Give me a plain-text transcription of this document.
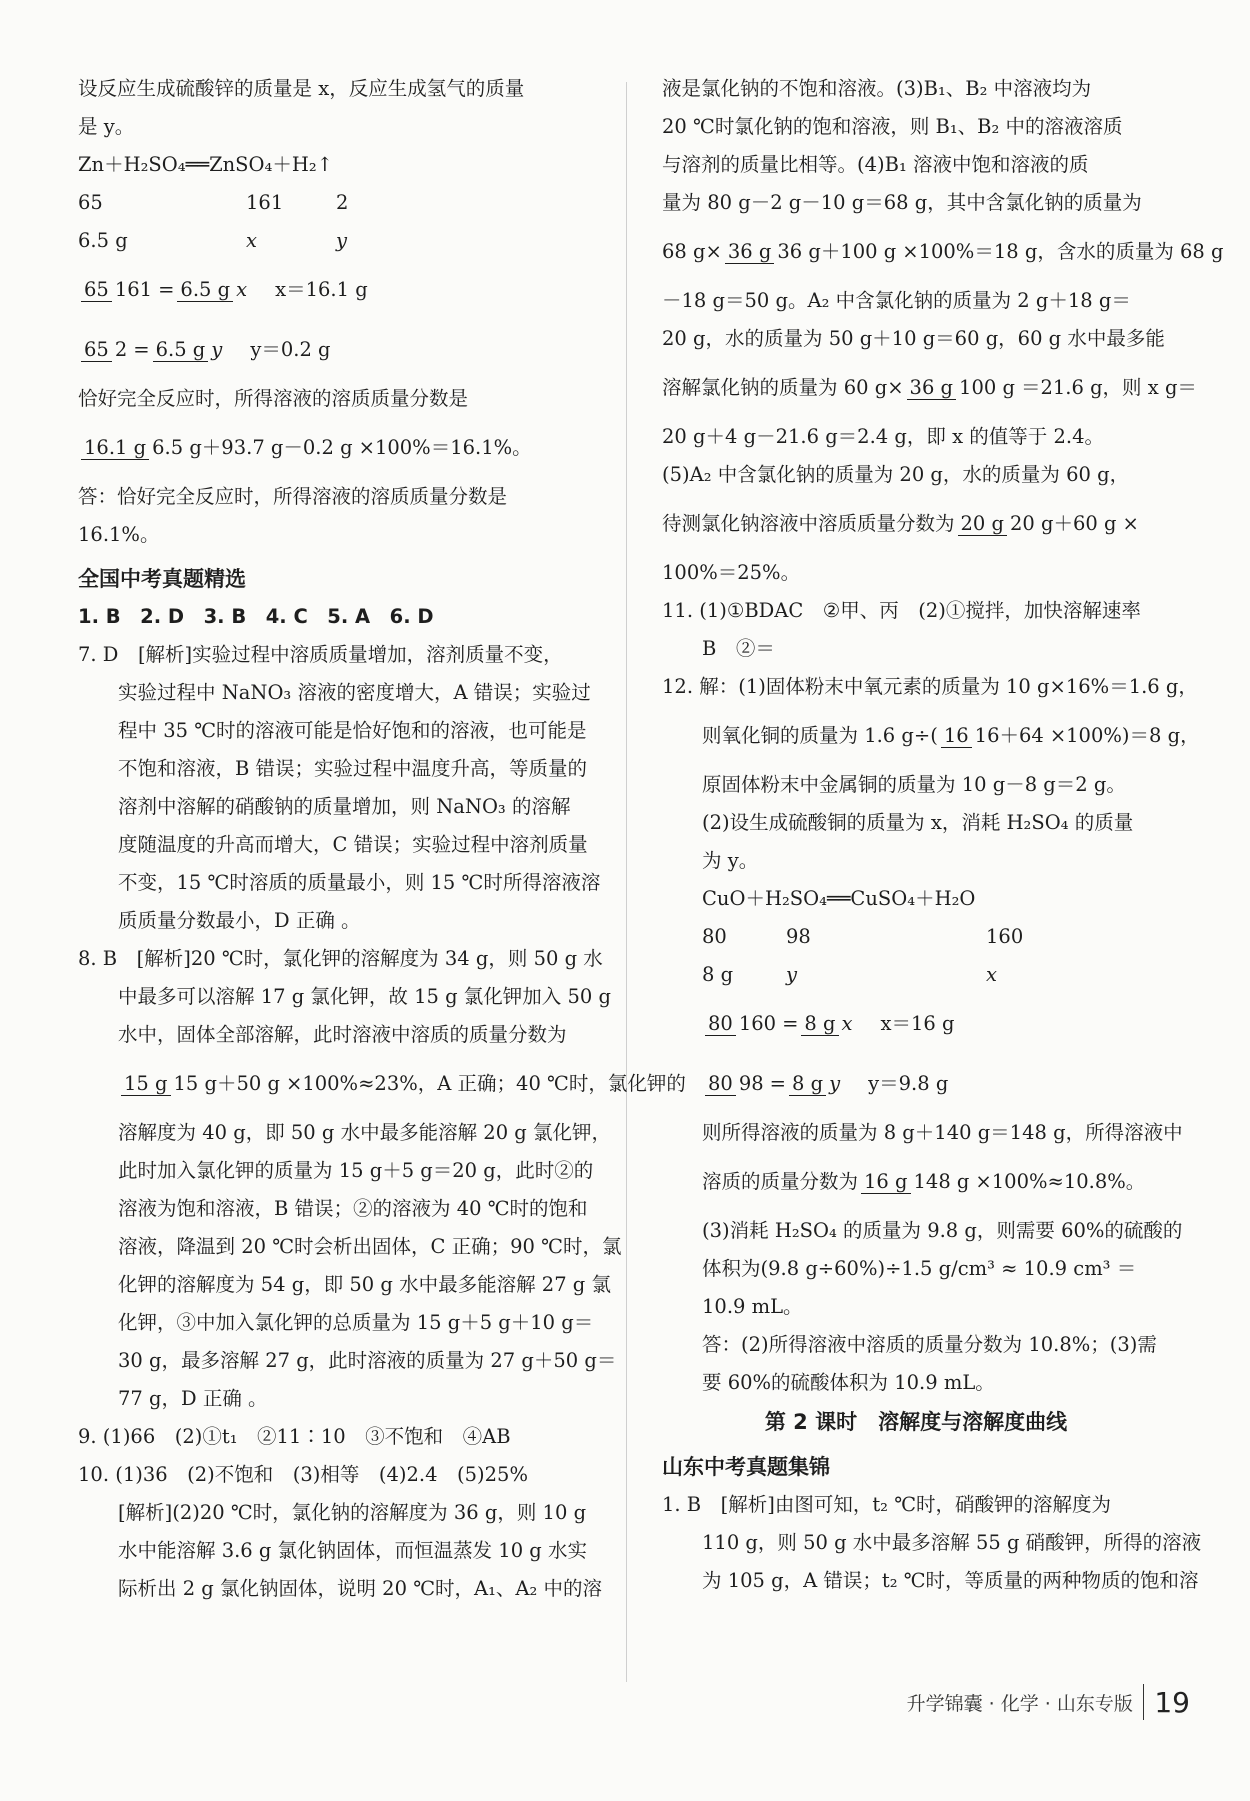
设反应生成硫酸锌的质量是 x，反应生成氢气的质量
是 y。
Zn＋H₂SO₄══ZnSO₄＋H₂↑
65	161	2
6.5 g	x	y
65 161 = 6.5 g x x＝16.1 g
65 2 = 6.5 g y y＝0.2 g
恰好完全反应时，所得溶液的溶质质量分数是
16.1 g 6.5 g＋93.7 g－0.2 g ×100%＝16.1%。
答：恰好完全反应时，所得溶液的溶质质量分数是
16.1%。
全国中考真题精选
1. B　2. D　3. B　4. C　5. A　6. D
7. D　[解析]实验过程中溶质质量增加，溶剂质量不变，
实验过程中 NaNO₃ 溶液的密度增大，A 错误；实验过
程中 35 ℃时的溶液可能是恰好饱和的溶液，也可能是
不饱和溶液，B 错误；实验过程中温度升高，等质量的
溶剂中溶解的硝酸钠的质量增加，则 NaNO₃ 的溶解
度随温度的升高而增大，C 错误；实验过程中溶剂质量
不变，15 ℃时溶质的质量最小，则 15 ℃时所得溶液溶
质质量分数最小，D 正确 。
8. B　[解析]20 ℃时，氯化钾的溶解度为 34 g，则 50 g 水
中最多可以溶解 17 g 氯化钾，故 15 g 氯化钾加入 50 g
水中，固体全部溶解，此时溶液中溶质的质量分数为
15 g 15 g＋50 g ×100%≈23%，A 正确；40 ℃时，氯化钾的
溶解度为 40 g，即 50 g 水中最多能溶解 20 g 氯化钾，
此时加入氯化钾的质量为 15 g＋5 g＝20 g，此时②的
溶液为饱和溶液，B 错误；②的溶液为 40 ℃时的饱和
溶液，降温到 20 ℃时会析出固体，C 正确；90 ℃时，氯
化钾的溶解度为 54 g，即 50 g 水中最多能溶解 27 g 氯
化钾，③中加入氯化钾的总质量为 15 g＋5 g＋10 g＝
30 g，最多溶解 27 g，此时溶液的质量为 27 g＋50 g＝
77 g，D 正确 。
9. (1)66　(2)①t₁　②11∶10　③不饱和　④AB
10. (1)36　(2)不饱和　(3)相等　(4)2.4　(5)25%
[解析](2)20 ℃时，氯化钠的溶解度为 36 g，则 10 g
水中能溶解 3.6 g 氯化钠固体，而恒温蒸发 10 g 水实
际析出 2 g 氯化钠固体，说明 20 ℃时，A₁、A₂ 中的溶
液是氯化钠的不饱和溶液。(3)B₁、B₂ 中溶液均为
20 ℃时氯化钠的饱和溶液，则 B₁、B₂ 中的溶液溶质
与溶剂的质量比相等。(4)B₁ 溶液中饱和溶液的质
量为 80 g－2 g－10 g＝68 g，其中含氯化钠的质量为
68 g× 36 g 36 g＋100 g ×100%＝18 g，含水的质量为 68 g
－18 g＝50 g。A₂ 中含氯化钠的质量为 2 g＋18 g＝
20 g，水的质量为 50 g＋10 g＝60 g，60 g 水中最多能
溶解氯化钠的质量为 60 g× 36 g 100 g ＝21.6 g，则 x g＝
20 g＋4 g－21.6 g＝2.4 g，即 x 的值等于 2.4。
(5)A₂ 中含氯化钠的质量为 20 g，水的质量为 60 g，
待测氯化钠溶液中溶质质量分数为 20 g 20 g＋60 g ×
100%＝25%。
11. (1)①BDAC　②甲、丙　(2)①搅拌，加快溶解速率
B　②＝
12. 解：(1)固体粉末中氧元素的质量为 10 g×16%＝1.6 g，
则氧化铜的质量为 1.6 g÷( 16 16＋64 ×100%)＝8 g，
原固体粉末中金属铜的质量为 10 g－8 g＝2 g。
(2)设生成硫酸铜的质量为 x，消耗 H₂SO₄ 的质量
为 y。
CuO＋H₂SO₄══CuSO₄＋H₂O
80	98	160
8 g	y	x
80 160 = 8 g x x＝16 g
80 98 = 8 g y y＝9.8 g
则所得溶液的质量为 8 g＋140 g＝148 g，所得溶液中
溶质的质量分数为 16 g 148 g ×100%≈10.8%。
(3)消耗 H₂SO₄ 的质量为 9.8 g，则需要 60%的硫酸的
体积为(9.8 g÷60%)÷1.5 g/cm³ ≈ 10.9 cm³ ＝
10.9 mL。
答：(2)所得溶液中溶质的质量分数为 10.8%；(3)需
要 60%的硫酸体积为 10.9 mL。
第 2 课时　溶解度与溶解度曲线
山东中考真题集锦
1. B　[解析]由图可知，t₂ ℃时，硝酸钾的溶解度为
110 g，则 50 g 水中最多溶解 55 g 硝酸钾，所得的溶液
为 105 g，A 错误；t₂ ℃时，等质量的两种物质的饱和溶
升学锦囊 · 化学 · 山东专版 19
